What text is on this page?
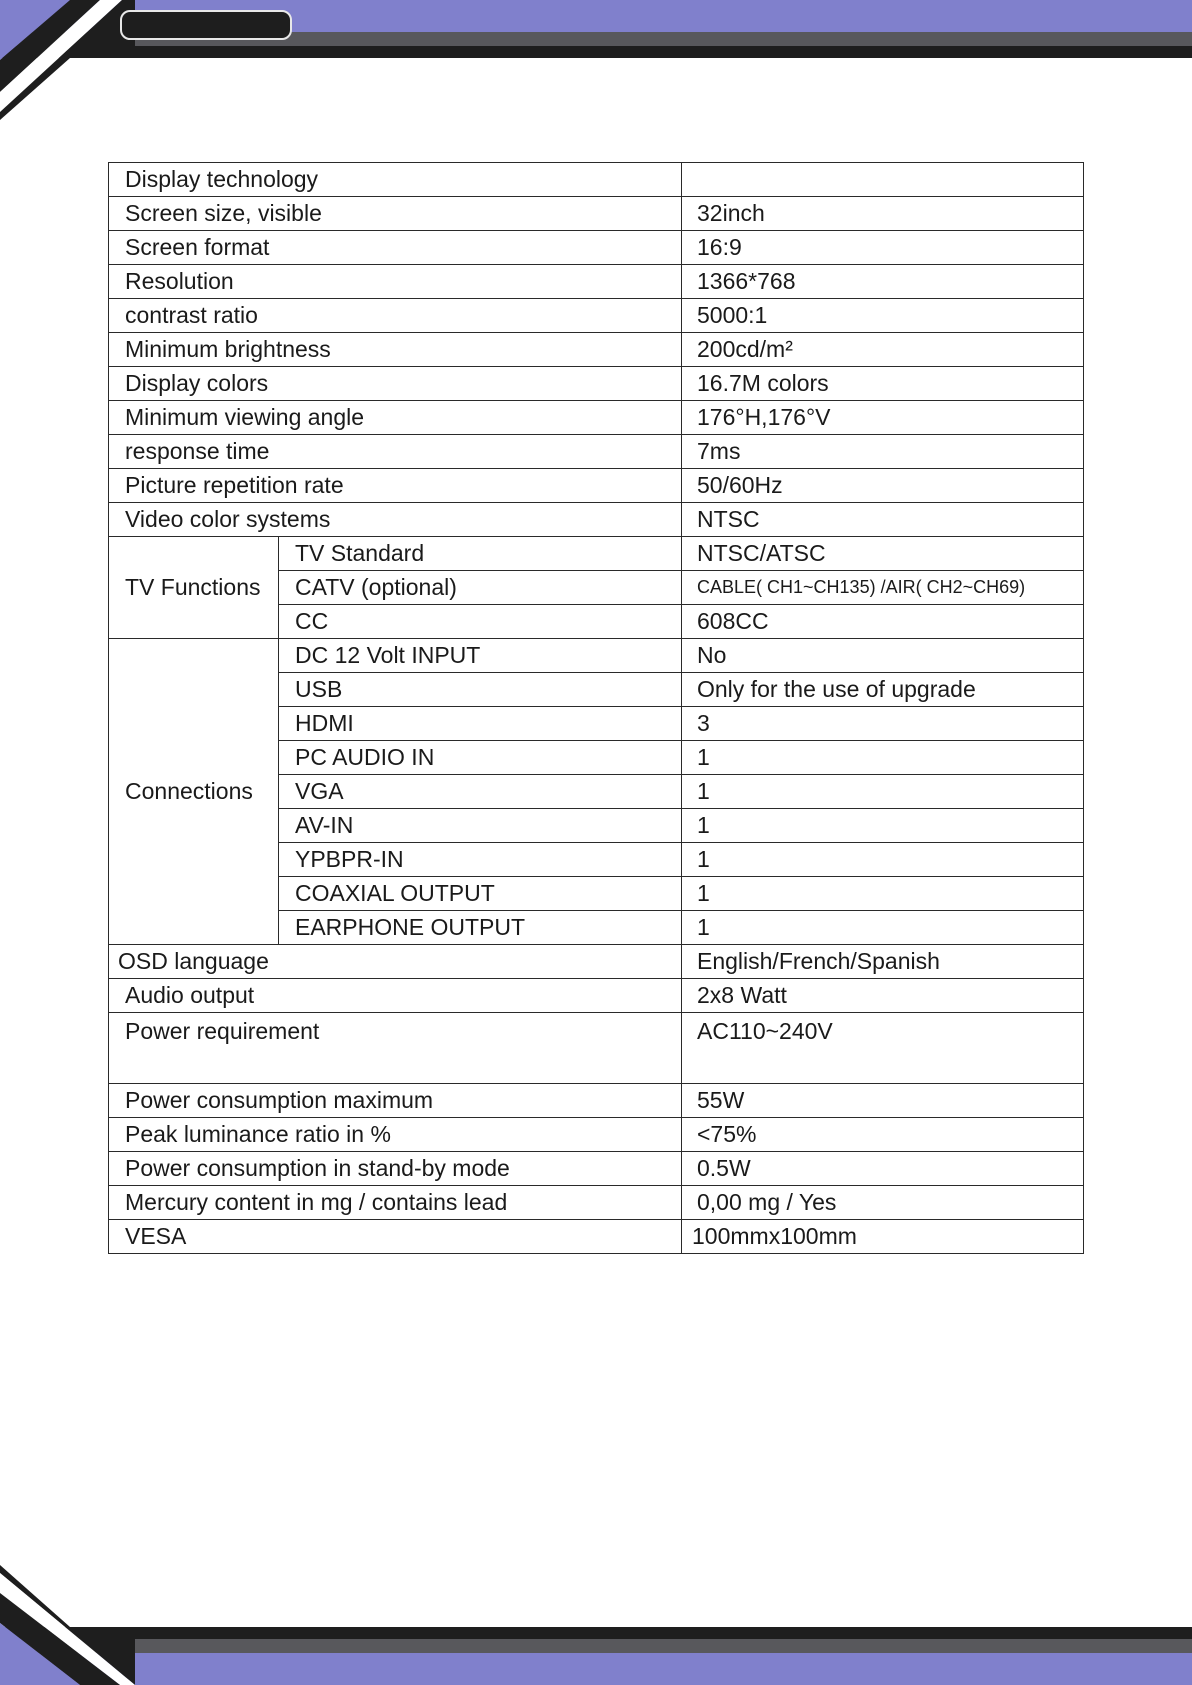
Display technology		
Screen size, visible		32inch
Screen format		16:9
Resolution		1366*768
contrast ratio		5000:1
Minimum brightness		200cd/m²
Display colors		16.7M colors
Minimum viewing angle		176°H,176°V
response time		7ms
Picture repetition rate		50/60Hz
Video color systems		NTSC
TV Functions	TV Standard	NTSC/ATSC
	CATV (optional)	CABLE( CH1~CH135) /AIR( CH2~CH69)
	CC	608CC
Connections	DC 12 Volt INPUT	No
	USB	Only for the use of upgrade
	HDMI	3
	PC AUDIO IN	1
	VGA	1
	AV-IN	1
	YPBPR-IN	1
	COAXIAL OUTPUT	1
	EARPHONE OUTPUT	1
OSD language		English/French/Spanish
Audio output		2x8 Watt
Power requirement		AC110~240V
Power consumption maximum		55W
Peak luminance ratio in %		<75%
Power consumption in stand-by mode		0.5W
Mercury content in mg / contains lead		0,00 mg / Yes
VESA		100mmx100mm
